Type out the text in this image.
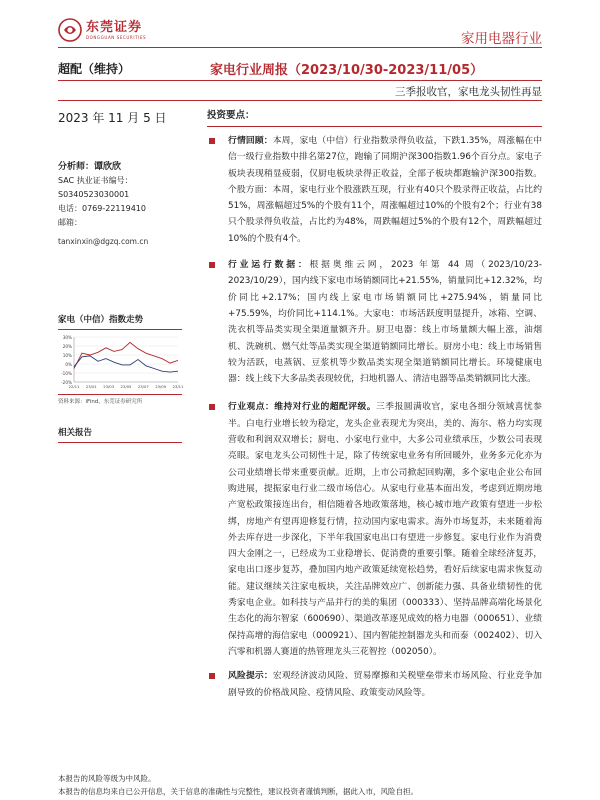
东莞证券
DONGGUAN SECURITIES	家用电器行业
超配（维持）	家电行业周报（2023/10/30-2023/11/05）
三季报收官，家电龙头韧性再显
2023 年 11 月 5 日
分析师：谭欣欣
SAC 执业证书编号：
S0340523030001
电话：0769-22119410
邮箱：
tanxinxin@dgzq.com.cn
家电（中信）指数走势
30%
20%
10%
0%
-10%
-20%
22/11 23/01 23/03 23/05 23/07 23/09 23/11
资料来源：iFind，东莞证券研究所
相关报告
投资要点：
行情回顾：本周，家电（中信）行业指数录得负收益，下跌1.35%，周涨幅在中信一级行业指数中排名第27位，跑输了同期沪深300指数1.96个百分点。家电子板块表现稍显疲弱，仅厨电板块录得正收益，全部子板块都跑输沪深300指数。个股方面：本周，家电行业个股涨跌互现，行业有40只个股录得正收益，占比约51%，周涨幅超过5%的个股有11个，周涨幅超过10%的个股有2个；行业有38只个股录得负收益，占比约为48%，周跌幅超过5%的个股有12个，周跌幅超过10%的个股有4个。
行业运行数据：根据奥维云网，2023 年第 44 周（2023/10/23-2023/10/29），国内线下家电市场销额同比+21.55%，销量同比+12.32%，均价同比+2.17%；国内线上家电市场销额同比+275.94%，销量同比+75.59%，均价同比+114.1%。大家电：市场活跃度明显提升，冰箱、空调、洗衣机等品类实现全渠道量额齐升。厨卫电器：线上市场量额大幅上涨，油烟机、洗碗机、燃气灶等品类实现全渠道销额同比增长。厨房小电：线上市场销售较为活跃，电蒸锅、豆浆机等少数品类实现全渠道销额同比增长。环境健康电器：线上线下大多品类表现较优，扫地机器人、清洁电器等品类销额同比大涨。
行业观点：维持对行业的超配评级。三季报圆满收官，家电各细分领域喜忧参半。白电行业增长较为稳定，龙头企业表现尤为突出，美的、海尔、格力均实现营收和利润双双增长；厨电、小家电行业中，大多公司业绩承压，少数公司表现亮眼。家电龙头公司韧性十足，除了传统家电业务有所回暖外，业务多元化亦为公司业绩增长带来重要贡献。近期，上市公司掀起回购潮，多个家电企业公布回购进展，提振家电行业二级市场信心。从家电行业基本面出发，考虑到近期房地产宽松政策接连出台，相信随着各地政策落地，核心城市地产政策有望进一步松绑，房地产有望再迎修复行情，拉动国内家电需求。海外市场复苏，未来随着海外去库存进一步深化，下半年我国家电出口有望进一步修复。家电行业作为消费四大金刚之一，已经成为工业稳增长、促消费的重要引擎。随着全球经济复苏，家电出口逐步复苏，叠加国内地产政策延续宽松趋势，看好后续家电需求恢复动能。建议继续关注家电板块，关注品牌效应广、创新能力强、具备业绩韧性的优秀家电企业。如科技与产品并行的美的集团（000333）、坚持品牌高端化场景化生态化的海尔智家（600690）、渠道改革逐见成效的格力电器（000651）、业绩保持高增的海信家电（000921）、国内智能控制器龙头和而泰（002402）、切入汽零和机器人赛道的热管理龙头三花智控（002050）。
风险提示：宏观经济波动风险、贸易摩擦和关税壁垒带来市场风险、行业竞争加剧导致的价格战风险、疫情风险、政策变动风险等。
本报告的风险等级为中风险。
本报告的信息均来自已公开信息，关于信息的准确性与完整性，建议投资者谨慎判断，据此入市，风险自担。
